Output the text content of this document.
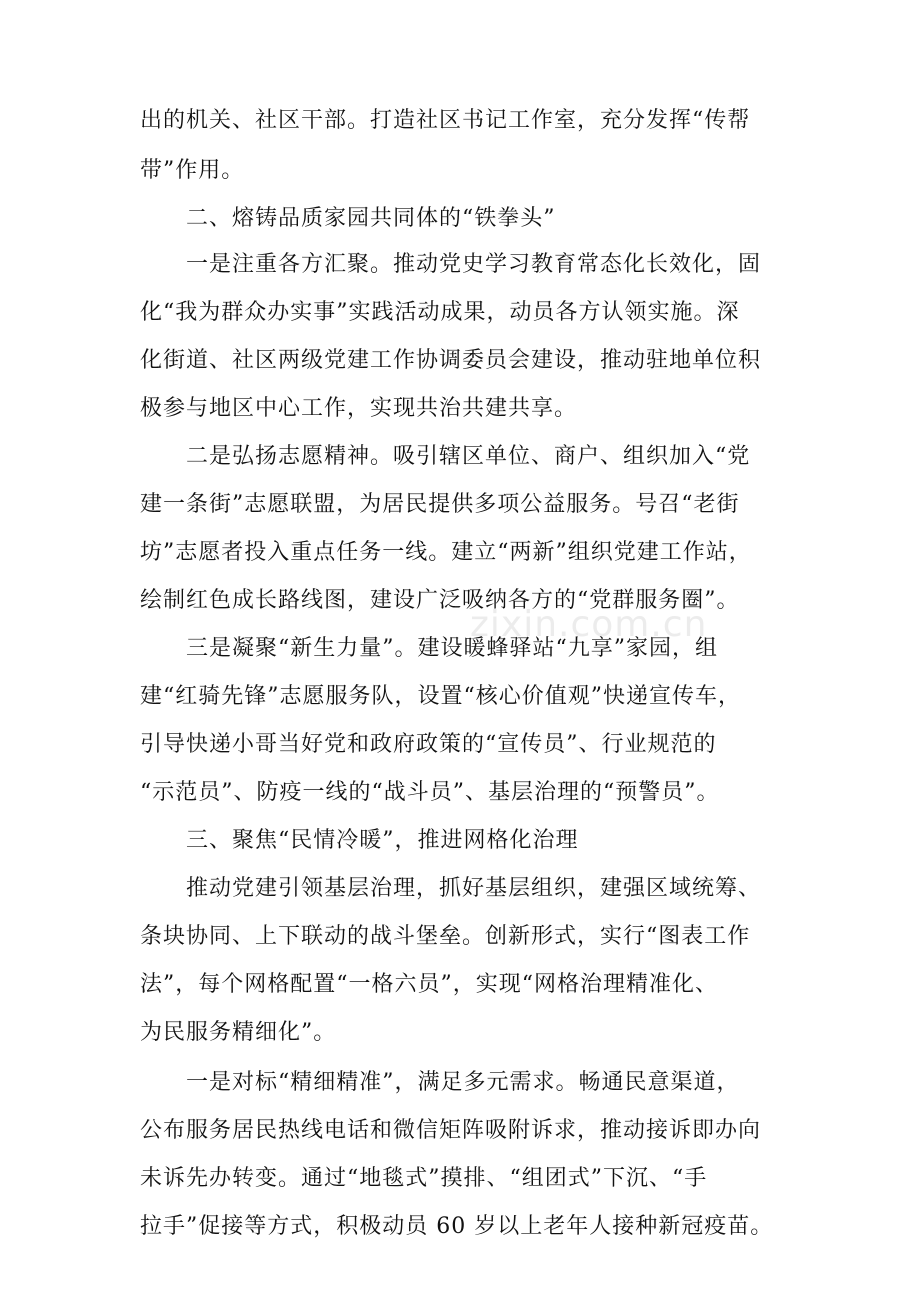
出的机关、社区干部。打造社区书记工作室，充分发挥“传帮
带”作用。
二、熔铸品质家园共同体的“铁拳头”
一是注重各方汇聚。推动党史学习教育常态化长效化，固
化“我为群众办实事”实践活动成果，动员各方认领实施。深
化街道、社区两级党建工作协调委员会建设，推动驻地单位积
极参与地区中心工作，实现共治共建共享。
二是弘扬志愿精神。吸引辖区单位、商户、组织加入“党
建一条街”志愿联盟，为居民提供多项公益服务。号召“老街
坊”志愿者投入重点任务一线。建立“两新”组织党建工作站，
绘制红色成长路线图，建设广泛吸纳各方的“党群服务圈”。
三是凝聚“新生力量”。建设暖蜂驿站“九享”家园，组
建“红骑先锋”志愿服务队，设置“核心价值观”快递宣传车，
引导快递小哥当好党和政府政策的“宣传员”、行业规范的
“示范员”、防疫一线的“战斗员”、基层治理的“预警员”。
三、聚焦“民情冷暖”，推进网格化治理
推动党建引领基层治理，抓好基层组织，建强区域统筹、
条块协同、上下联动的战斗堡垒。创新形式，实行“图表工作
法”，每个网格配置“一格六员”，实现“网格治理精准化、
为民服务精细化”。
一是对标“精细精准”，满足多元需求。畅通民意渠道，
公布服务居民热线电话和微信矩阵吸附诉求，推动接诉即办向
未诉先办转变。通过“地毯式”摸排、“组团式”下沉、“手
拉手”促接等方式，积极动员 60 岁以上老年人接种新冠疫苗。
zixin.com.cn
